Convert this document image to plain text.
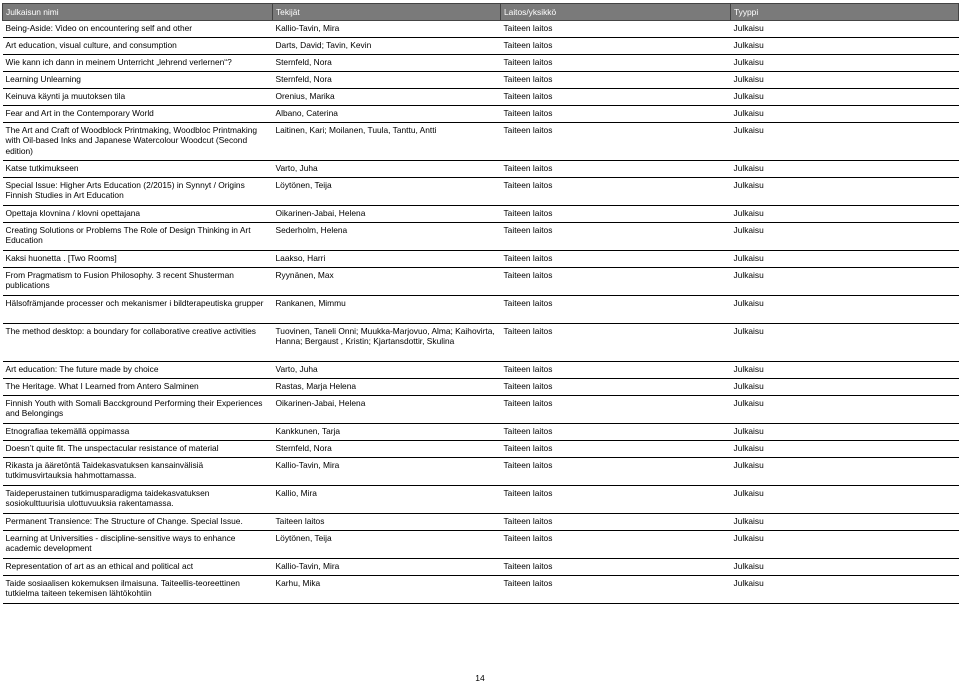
Julkaisun nimi	Tekijät	Laitos/yksikkö	Tyyppi
Being-Aside: Video on encountering self and other	Kallio-Tavin, Mira	Taiteen laitos	Julkaisu
Art education, visual culture, and consumption	Darts, David; Tavin, Kevin	Taiteen laitos	Julkaisu
Wie kann ich dann in meinem Unterricht „lehrend verlernen“?	Sternfeld, Nora	Taiteen laitos	Julkaisu
Learning Unlearning	Sternfeld, Nora	Taiteen laitos	Julkaisu
Keinuva käynti ja muutoksen tila	Orenius, Marika	Taiteen laitos	Julkaisu
Fear and Art in the Contemporary World	Albano, Caterina	Taiteen laitos	Julkaisu
The Art and Craft of Woodblock Printmaking, Woodbloc Printmaking with Oil-based Inks and Japanese Watercolour Woodcut (Second edition)	Laitinen, Kari; Moilanen, Tuula, Tanttu, Antti	Taiteen laitos	Julkaisu
Katse tutkimukseen	Varto, Juha	Taiteen laitos	Julkaisu
Special Issue: Higher Arts Education (2/2015) in Synnyt / Origins Finnish Studies in Art Education	Löytönen, Teija	Taiteen laitos	Julkaisu
Opettaja klovnina / klovni opettajana	Oikarinen-Jabai, Helena	Taiteen laitos	Julkaisu
Creating Solutions or Problems The Role of Design Thinking in Art Education	Sederholm, Helena	Taiteen laitos	Julkaisu
Kaksi huonetta . [Two Rooms]	Laakso, Harri	Taiteen laitos	Julkaisu
From Pragmatism to Fusion Philosophy. 3 recent Shusterman publications	Ryynänen, Max	Taiteen laitos	Julkaisu
Hälsofrämjande processer och mekanismer i bildterapeutiska grupper	Rankanen, Mimmu	Taiteen laitos	Julkaisu
The method desktop: a boundary for collaborative creative activities	Tuovinen, Taneli Onni; Muukka-Marjovuo, Alma; Kaihovirta, Hanna; Bergaust , Kristin; Kjartansdottir, Skulina	Taiteen laitos	Julkaisu
Art education: The future made by choice	Varto, Juha	Taiteen laitos	Julkaisu
The Heritage. What I Learned from Antero Salminen	Rastas, Marja Helena	Taiteen laitos	Julkaisu
Finnish Youth with Somali Bacckground Performing their Experiences and Belongings	Oikarinen-Jabai, Helena	Taiteen laitos	Julkaisu
Etnografiaa tekemällä oppimassa	Kankkunen, Tarja	Taiteen laitos	Julkaisu
Doesn’t quite fit. The unspectacular resistance of material	Sternfeld, Nora	Taiteen laitos	Julkaisu
Rikasta ja ääretöntä Taidekasvatuksen kansainvälisiä tutkimusvirtauksia hahmottamassa.	Kallio-Tavin, Mira	Taiteen laitos	Julkaisu
Taideperustainen tutkimusparadigma taidekasvatuksen sosiokulttuurisia ulottuvuuksia rakentamassa.	Kallio, Mira	Taiteen laitos	Julkaisu
Permanent Transience: The Structure of Change. Special Issue.	Taiteen laitos	Taiteen laitos	Julkaisu
Learning at Universities - discipline-sensitive ways to enhance academic development	Löytönen, Teija	Taiteen laitos	Julkaisu
Representation of art as an ethical and political act	Kallio-Tavin, Mira	Taiteen laitos	Julkaisu
Taide sosiaalisen kokemuksen ilmaisuna. Taiteellis-teoreettinen tutkielma taiteen tekemisen lähtökohtiin	Karhu, Mika	Taiteen laitos	Julkaisu
14
